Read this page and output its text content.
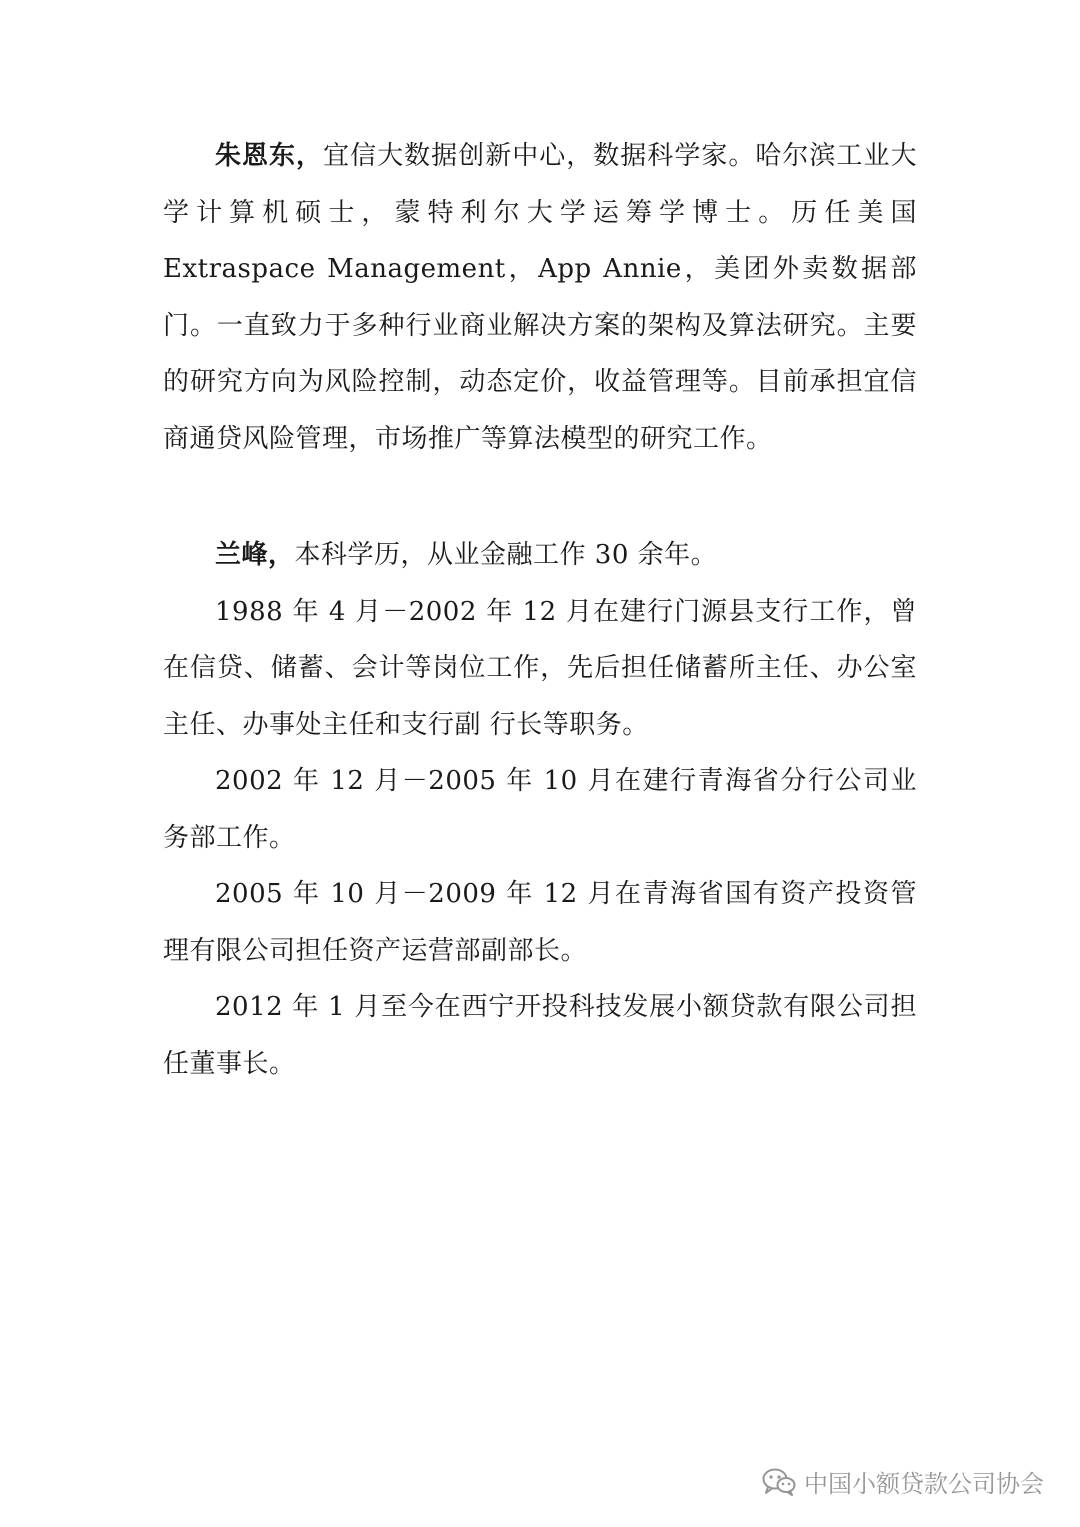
朱恩东，宜信大数据创新中心，数据科学家。哈尔滨工业大学计算机硕士，蒙特利尔大学运筹学博士。历任美国 Extraspace Management，App Annie，美团外卖数据部门。一直致力于多种行业商业解决方案的架构及算法研究。主要的研究方向为风险控制，动态定价，收益管理等。目前承担宜信商通贷风险管理，市场推广等算法模型的研究工作。

兰峰，本科学历，从业金融工作 30 余年。

1988 年 4 月－2002 年 12 月在建行门源县支行工作，曾在信贷、储蓄、会计等岗位工作，先后担任储蓄所主任、办公室主任、办事处主任和支行副 行长等职务。

2002 年 12 月－2005 年 10 月在建行青海省分行公司业务部工作。

2005 年 10 月－2009 年 12 月在青海省国有资产投资管理有限公司担任资产运营部副部长。

2012 年 1 月至今在西宁开投科技发展小额贷款有限公司担任董事长。

中国小额贷款公司协会
